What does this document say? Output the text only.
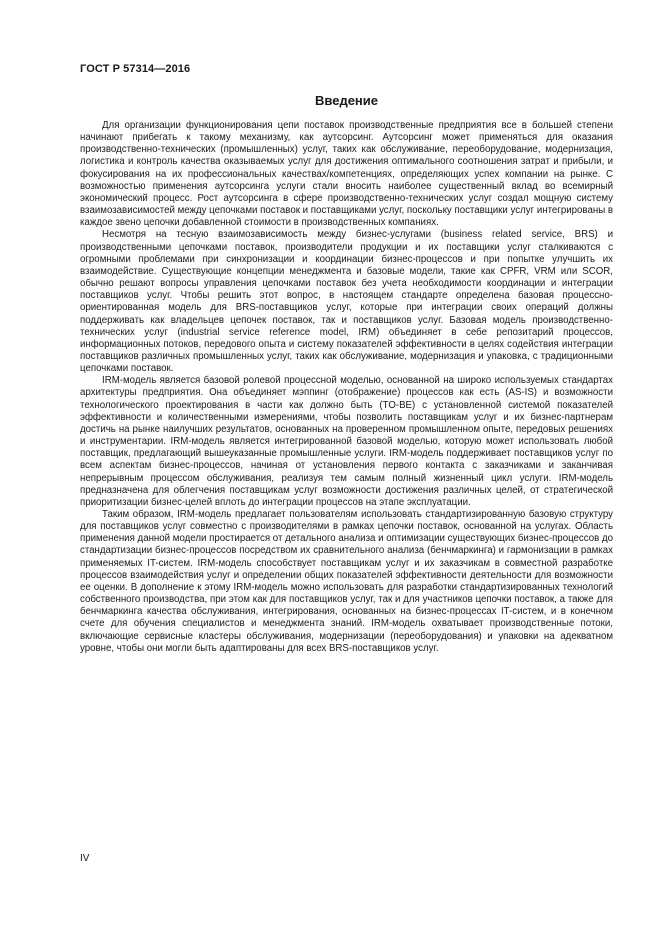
ГОСТ Р 57314—2016
Введение

Для организации функционирования цепи поставок производственные предприятия все в большей степени начинают прибегать к такому механизму, как аутсорсинг. Аутсорсинг может применяться для оказания производственно-технических (промышленных) услуг, таких как обслуживание, переоборудование, модернизация, логистика и контроль качества оказываемых услуг для достижения оптимального соотношения затрат и прибыли, и фокусирования на их профессиональных качествах/компетенциях, определяющих успех компании на рынке. С возможностью применения аутсорсинга услуги стали вносить наиболее существенный вклад во всемирный экономический процесс. Рост аутсорсинга в сфере производственно-технических услуг создал мощную систему взаимозависимостей между цепочками поставок и поставщиками услуг, поскольку поставщики услуг интегрированы в каждое звено цепочки добавленной стоимости в производственных компаниях.

Несмотря на тесную взаимозависимость между бизнес-услугами (business related service, BRS) и производственными цепочками поставок, производители продукции и их поставщики услуг сталкиваются с огромными проблемами при синхронизации и координации бизнес-процессов и при попытке улучшить их взаимодействие. Существующие концепции менеджмента и базовые модели, такие как CPFR, VRM или SCOR, обычно решают вопросы управления цепочками поставок без учета необходимости координации и интеграции поставщиков услуг. Чтобы решить этот вопрос, в настоящем стандарте определена базовая процессно-ориентированная модель для BRS-поставщиков услуг, которые при интеграции своих операций должны поддерживать как владельцев цепочек поставок, так и поставщиков услуг. Базовая модель производственно-технических услуг (industrial service reference model, IRM) объединяет в себе репозитарий процессов, информационных потоков, передового опыта и систему показателей эффективности в целях содействия интеграции поставщиков различных промышленных услуг, таких как обслуживание, модернизация и упаковка, с традиционными цепочками поставок.

IRM-модель является базовой ролевой процессной моделью, основанной на широко используемых стандартах архитектуры предприятия. Она объединяет мэппинг (отображение) процессов как есть (AS-IS) и возможности технологического проектирования в части как должно быть (TO-BE) с установленной системой показателей эффективности и количественными измерениями, чтобы позволить поставщикам услуг и их бизнес-партнерам достичь на рынке наилучших результатов, основанных на проверенном промышленном опыте, передовых решениях и инструментарии. IRM-модель является интегрированной базовой моделью, которую может использовать любой поставщик, предлагающий вышеуказанные промышленные услуги. IRM-модель поддерживает поставщиков услуг по всем аспектам бизнес-процессов, начиная от установления первого контакта с заказчиками и заканчивая непрерывным процессом обслуживания, реализуя тем самым полный жизненный цикл услуги. IRM-модель предназначена для облегчения поставщикам услуг возможности достижения различных целей, от стратегической приоритизации бизнес-целей вплоть до интеграции процессов на этапе эксплуатации.

Таким образом, IRM-модель предлагает пользователям использовать стандартизированную базовую структуру для поставщиков услуг совместно с производителями в рамках цепочки поставок, основанной на услугах. Область применения данной модели простирается от детального анализа и оптимизации существующих бизнес-процессов до стандартизации бизнес-процессов посредством их сравнительного анализа (бенчмаркинга) и гармонизации в рамках применяемых IT-систем. IRM-модель способствует поставщикам услуг и их заказчикам в совместной разработке процессов взаимодействия услуг и определении общих показателей эффективности деятельности для возможности ее оценки. В дополнение к этому IRM-модель можно использовать для разработки стандартизированных технологий собственного производства, при этом как для поставщиков услуг, так и для участников цепочки поставок, а также для бенчмаркинга качества обслуживания, интегрирования, основанных на бизнес-процессах IT-систем, и в конечном счете для обучения специалистов и менеджмента знаний. IRM-модель охватывает производственные потоки, включающие сервисные кластеры обслуживания, модернизации (переоборудования) и упаковки на адекватном уровне, чтобы они могли быть адаптированы для всех BRS-поставщиков услуг.

IV
